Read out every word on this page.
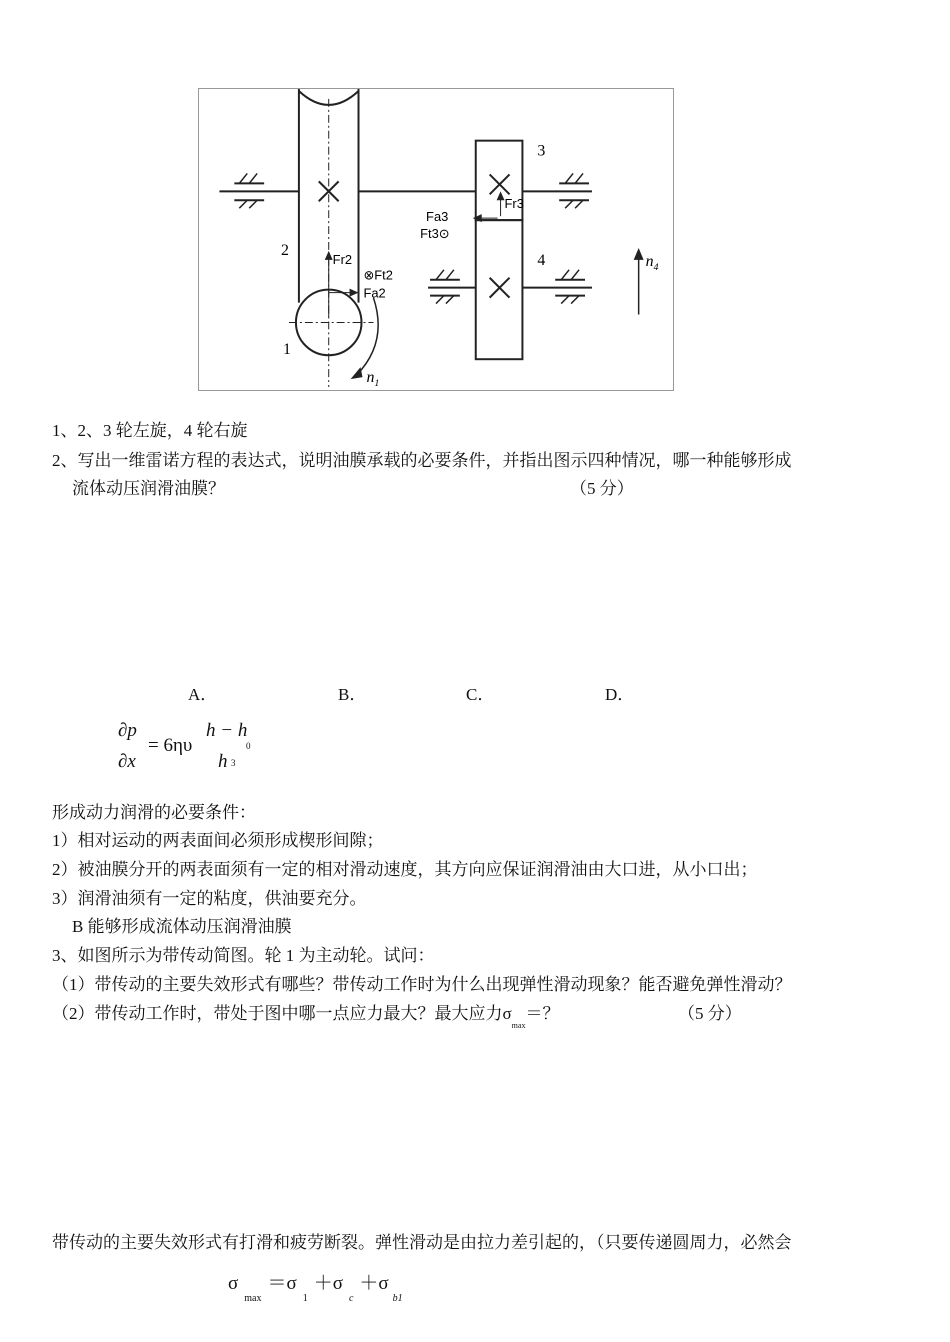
2
1
3
4
Fr2
⊗Ft2
Fa2
Fa3
Ft3⊙
Fr3
$n_1$
$n_4$
1、2、3 轮左旋，4 轮右旋
2、写出一维雷诺方程的表达式，说明油膜承载的必要条件，并指出图示四种情况，哪一种能够形成
流体动压润滑油膜？	（5 分）
A．	B．	C．	D．
∂p
∂x
= 6ηυ
h − h
0
h 3
形成动力润滑的必要条件：
1）相对运动的两表面间必须形成楔形间隙；
2）被油膜分开的两表面须有一定的相对滑动速度，其方向应保证润滑油由大口进，从小口出；
3）润滑油须有一定的粘度，供油要充分。
B 能够形成流体动压润滑油膜
3、如图所示为带传动简图。轮 1 为主动轮。试问：
（1）带传动的主要失效形式有哪些？带传动工作时为什么出现弹性滑动现象？能否避免弹性滑动？
（2）带传动工作时，带处于图中哪一点应力最大？最大应力$\sigma_{max}=$？	（5 分）
带传动的主要失效形式有打滑和疲劳断裂。弹性滑动是由拉力差引起的，（只要传递圆周力，必然会
$\sigma_{max}=\sigma_1+\sigma_c+\sigma_{b1}$
